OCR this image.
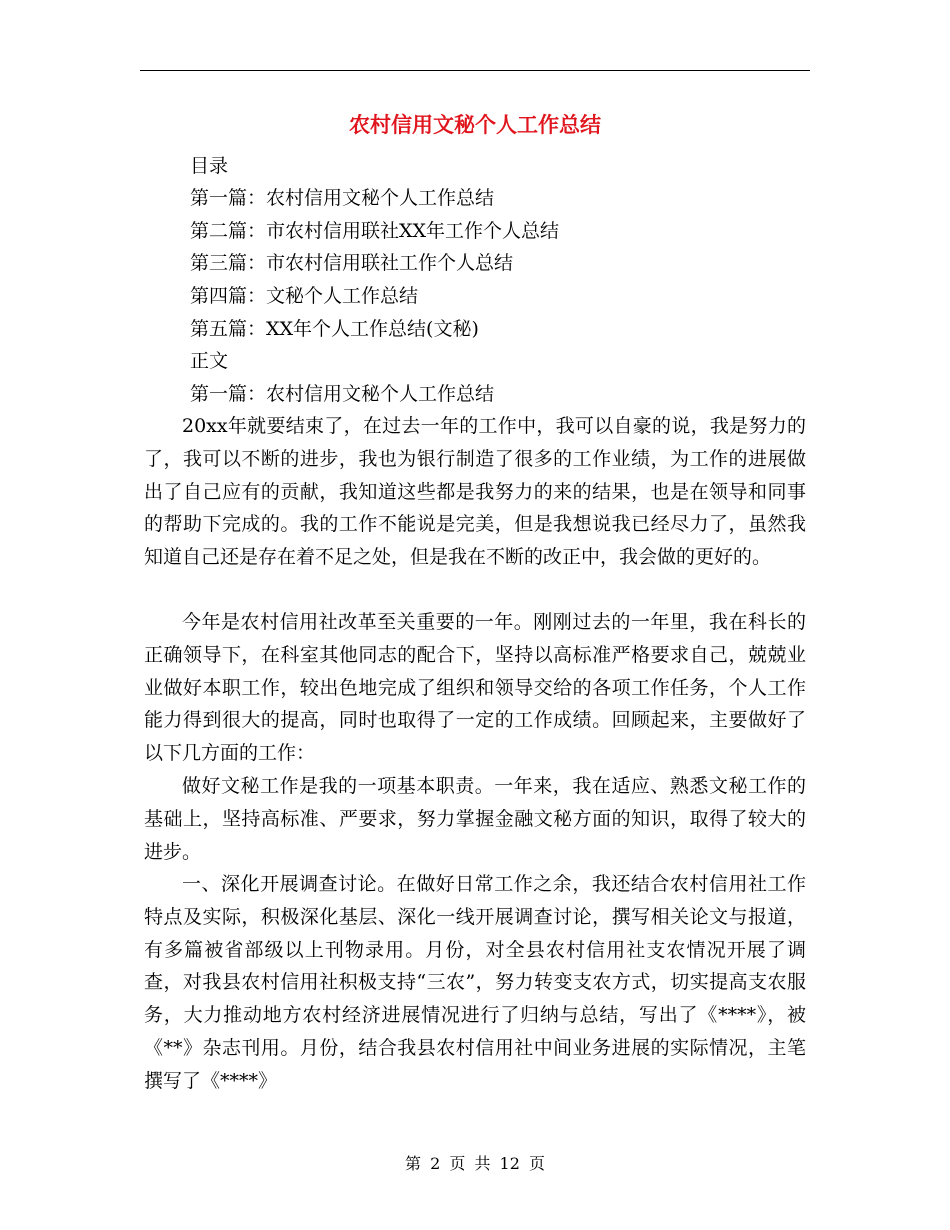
农村信用文秘个人工作总结
目录
第一篇：农村信用文秘个人工作总结
第二篇：市农村信用联社XX年工作个人总结
第三篇：市农村信用联社工作个人总结
第四篇：文秘个人工作总结
第五篇：XX年个人工作总结(文秘)
正文
第一篇：农村信用文秘个人工作总结

20xx年就要结束了，在过去一年的工作中，我可以自豪的说，我是努力的了，我可以不断的进步，我也为银行制造了很多的工作业绩，为工作的进展做出了自己应有的贡献，我知道这些都是我努力的来的结果，也是在领导和同事的帮助下完成的。我的工作不能说是完美，但是我想说我已经尽力了，虽然我知道自己还是存在着不足之处，但是我在不断的改正中，我会做的更好的。

今年是农村信用社改革至关重要的一年。刚刚过去的一年里，我在科长的正确领导下，在科室其他同志的配合下，坚持以高标准严格要求自己，兢兢业业做好本职工作，较出色地完成了组织和领导交给的各项工作任务，个人工作能力得到很大的提高，同时也取得了一定的工作成绩。回顾起来，主要做好了以下几方面的工作：

做好文秘工作是我的一项基本职责。一年来，我在适应、熟悉文秘工作的基础上，坚持高标准、严要求，努力掌握金融文秘方面的知识，取得了较大的进步。

一、深化开展调查讨论。在做好日常工作之余，我还结合农村信用社工作特点及实际，积极深化基层、深化一线开展调查讨论，撰写相关论文与报道，有多篇被省部级以上刊物录用。月份，对全县农村信用社支农情况开展了调查，对我县农村信用社积极支持“三农”，努力转变支农方式，切实提高支农服务，大力推动地方农村经济进展情况进行了归纳与总结，写出了《****》，被《**》杂志刊用。月份，结合我县农村信用社中间业务进展的实际情况，主笔撰写了《****》

第 2 页 共 12 页
